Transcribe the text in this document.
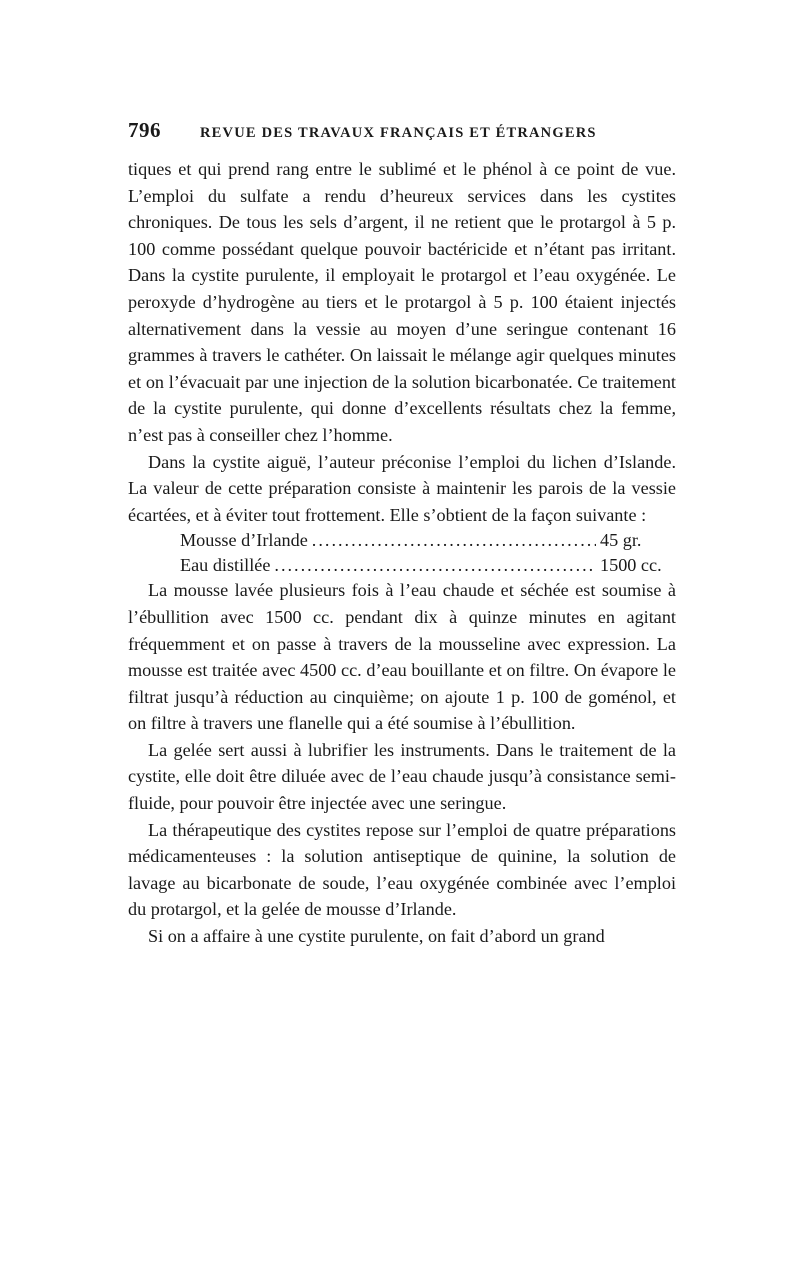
796	REVUE DES TRAVAUX FRANÇAIS ET ÉTRANGERS

tiques et qui prend rang entre le sublimé et le phénol à ce point de vue. L’emploi du sulfate a rendu d’heureux services dans les cystites chroniques. De tous les sels d’argent, il ne retient que le protargol à 5 p. 100 comme possédant quelque pouvoir bactéricide et n’étant pas irritant. Dans la cystite purulente, il employait le protargol et l’eau oxygénée. Le peroxyde d’hydrogène au tiers et le protargol à 5 p. 100 étaient injectés alternativement dans la vessie au moyen d’une seringue contenant 16 grammes à travers le cathéter. On laissait le mélange agir quelques minutes et on l’évacuait par une injection de la solution bicarbonatée. Ce traitement de la cystite purulente, qui donne d’excellents résultats chez la femme, n’est pas à conseiller chez l’homme.

Dans la cystite aiguë, l’auteur préconise l’emploi du lichen d’Islande. La valeur de cette préparation consiste à maintenir les parois de la vessie écartées, et à éviter tout frottement. Elle s’obtient de la façon suivante :

Mousse d’Irlande .....	45 gr.
Eau distillée .....	1500 cc.

La mousse lavée plusieurs fois à l’eau chaude et séchée est soumise à l’ébullition avec 1500 cc. pendant dix à quinze minutes en agitant fréquemment et on passe à travers de la mousseline avec expression. La mousse est traitée avec 4500 cc. d’eau bouillante et on filtre. On évapore le filtrat jusqu’à réduction au cinquième; on ajoute 1 p. 100 de goménol, et on filtre à travers une flanelle qui a été soumise à l’ébullition.

La gelée sert aussi à lubrifier les instruments. Dans le traitement de la cystite, elle doit être diluée avec de l’eau chaude jusqu’à consistance semi-fluide, pour pouvoir être injectée avec une seringue.

La thérapeutique des cystites repose sur l’emploi de quatre préparations médicamenteuses : la solution antiseptique de quinine, la solution de lavage au bicarbonate de soude, l’eau oxygénée combinée avec l’emploi du protargol, et la gelée de mousse d’Irlande.

Si on a affaire à une cystite purulente, on fait d’abord un grand
